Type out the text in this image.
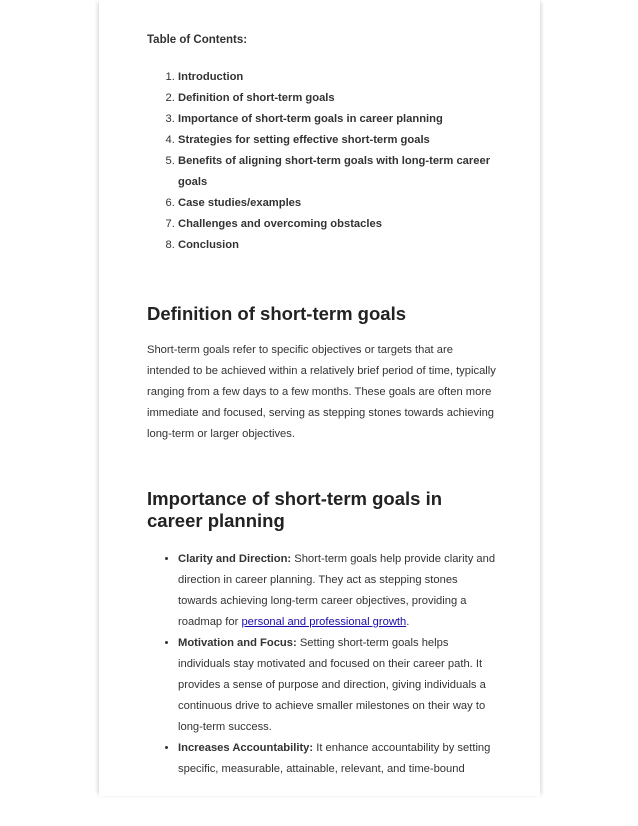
Table of Contents:
1. Introduction
2. Definition of short-term goals
3. Importance of short-term goals in career planning
4. Strategies for setting effective short-term goals
5. Benefits of aligning short-term goals with long-term career goals
6. Case studies/examples
7. Challenges and overcoming obstacles
8. Conclusion
Definition of short-term goals

Short-term goals refer to specific objectives or targets that are intended to be achieved within a relatively brief period of time, typically ranging from a few days to a few months. These goals are often more immediate and focused, serving as stepping stones towards achieving long-term or larger objectives.

Importance of short-term goals in career planning
• Clarity and Direction: Short-term goals help provide clarity and direction in career planning. They act as stepping stones towards achieving long-term career objectives, providing a roadmap for personal and professional growth.
• Motivation and Focus: Setting short-term goals helps individuals stay motivated and focused on their career path. It provides a sense of purpose and direction, giving individuals a continuous drive to achieve smaller milestones on their way to long-term success.
• Increases Accountability: It enhance accountability by setting specific, measurable, attainable, relevant, and time-bound
